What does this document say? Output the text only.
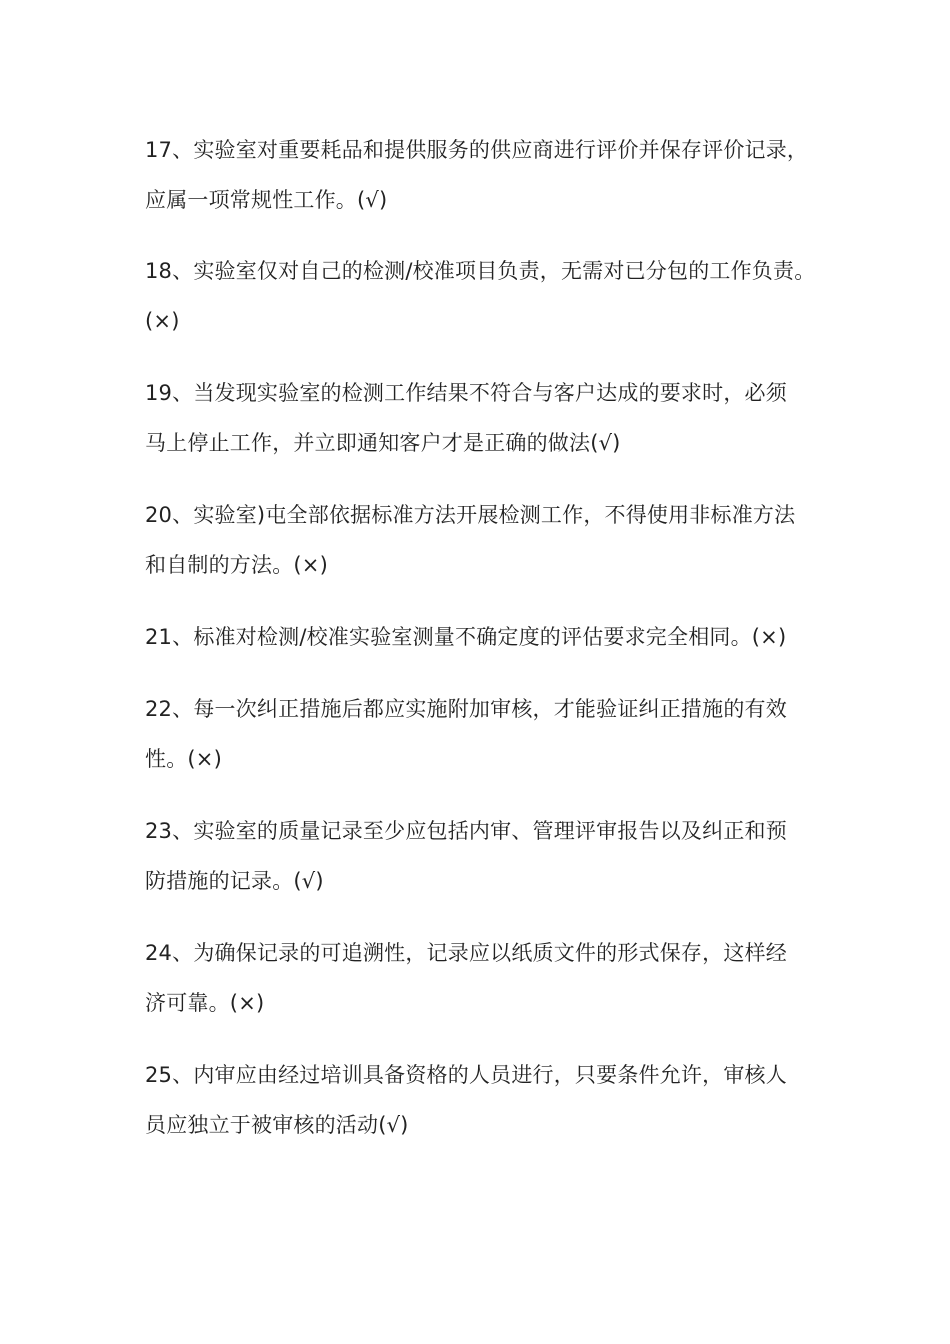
17、实验室对重要耗品和提供服务的供应商进行评价并保存评价记录，
应属一项常规性工作。(√)
18、实验室仅对自己的检测/校准项目负责，无需对已分包的工作负责。
(×)
19、当发现实验室的检测工作结果不符合与客户达成的要求时，必须
马上停止工作，并立即通知客户才是正确的做法(√)
20、实验室)屯全部依据标准方法开展检测工作，不得使用非标准方法
和自制的方法。(×)
21、标准对检测/校准实验室测量不确定度的评估要求完全相同。(×)
22、每一次纠正措施后都应实施附加审核，才能验证纠正措施的有效
性。(×)
23、实验室的质量记录至少应包括内审、管理评审报告以及纠正和预
防措施的记录。(√)
24、为确保记录的可追溯性，记录应以纸质文件的形式保存，这样经
济可靠。(×)
25、内审应由经过培训具备资格的人员进行，只要条件允许，审核人
员应独立于被审核的活动(√)
